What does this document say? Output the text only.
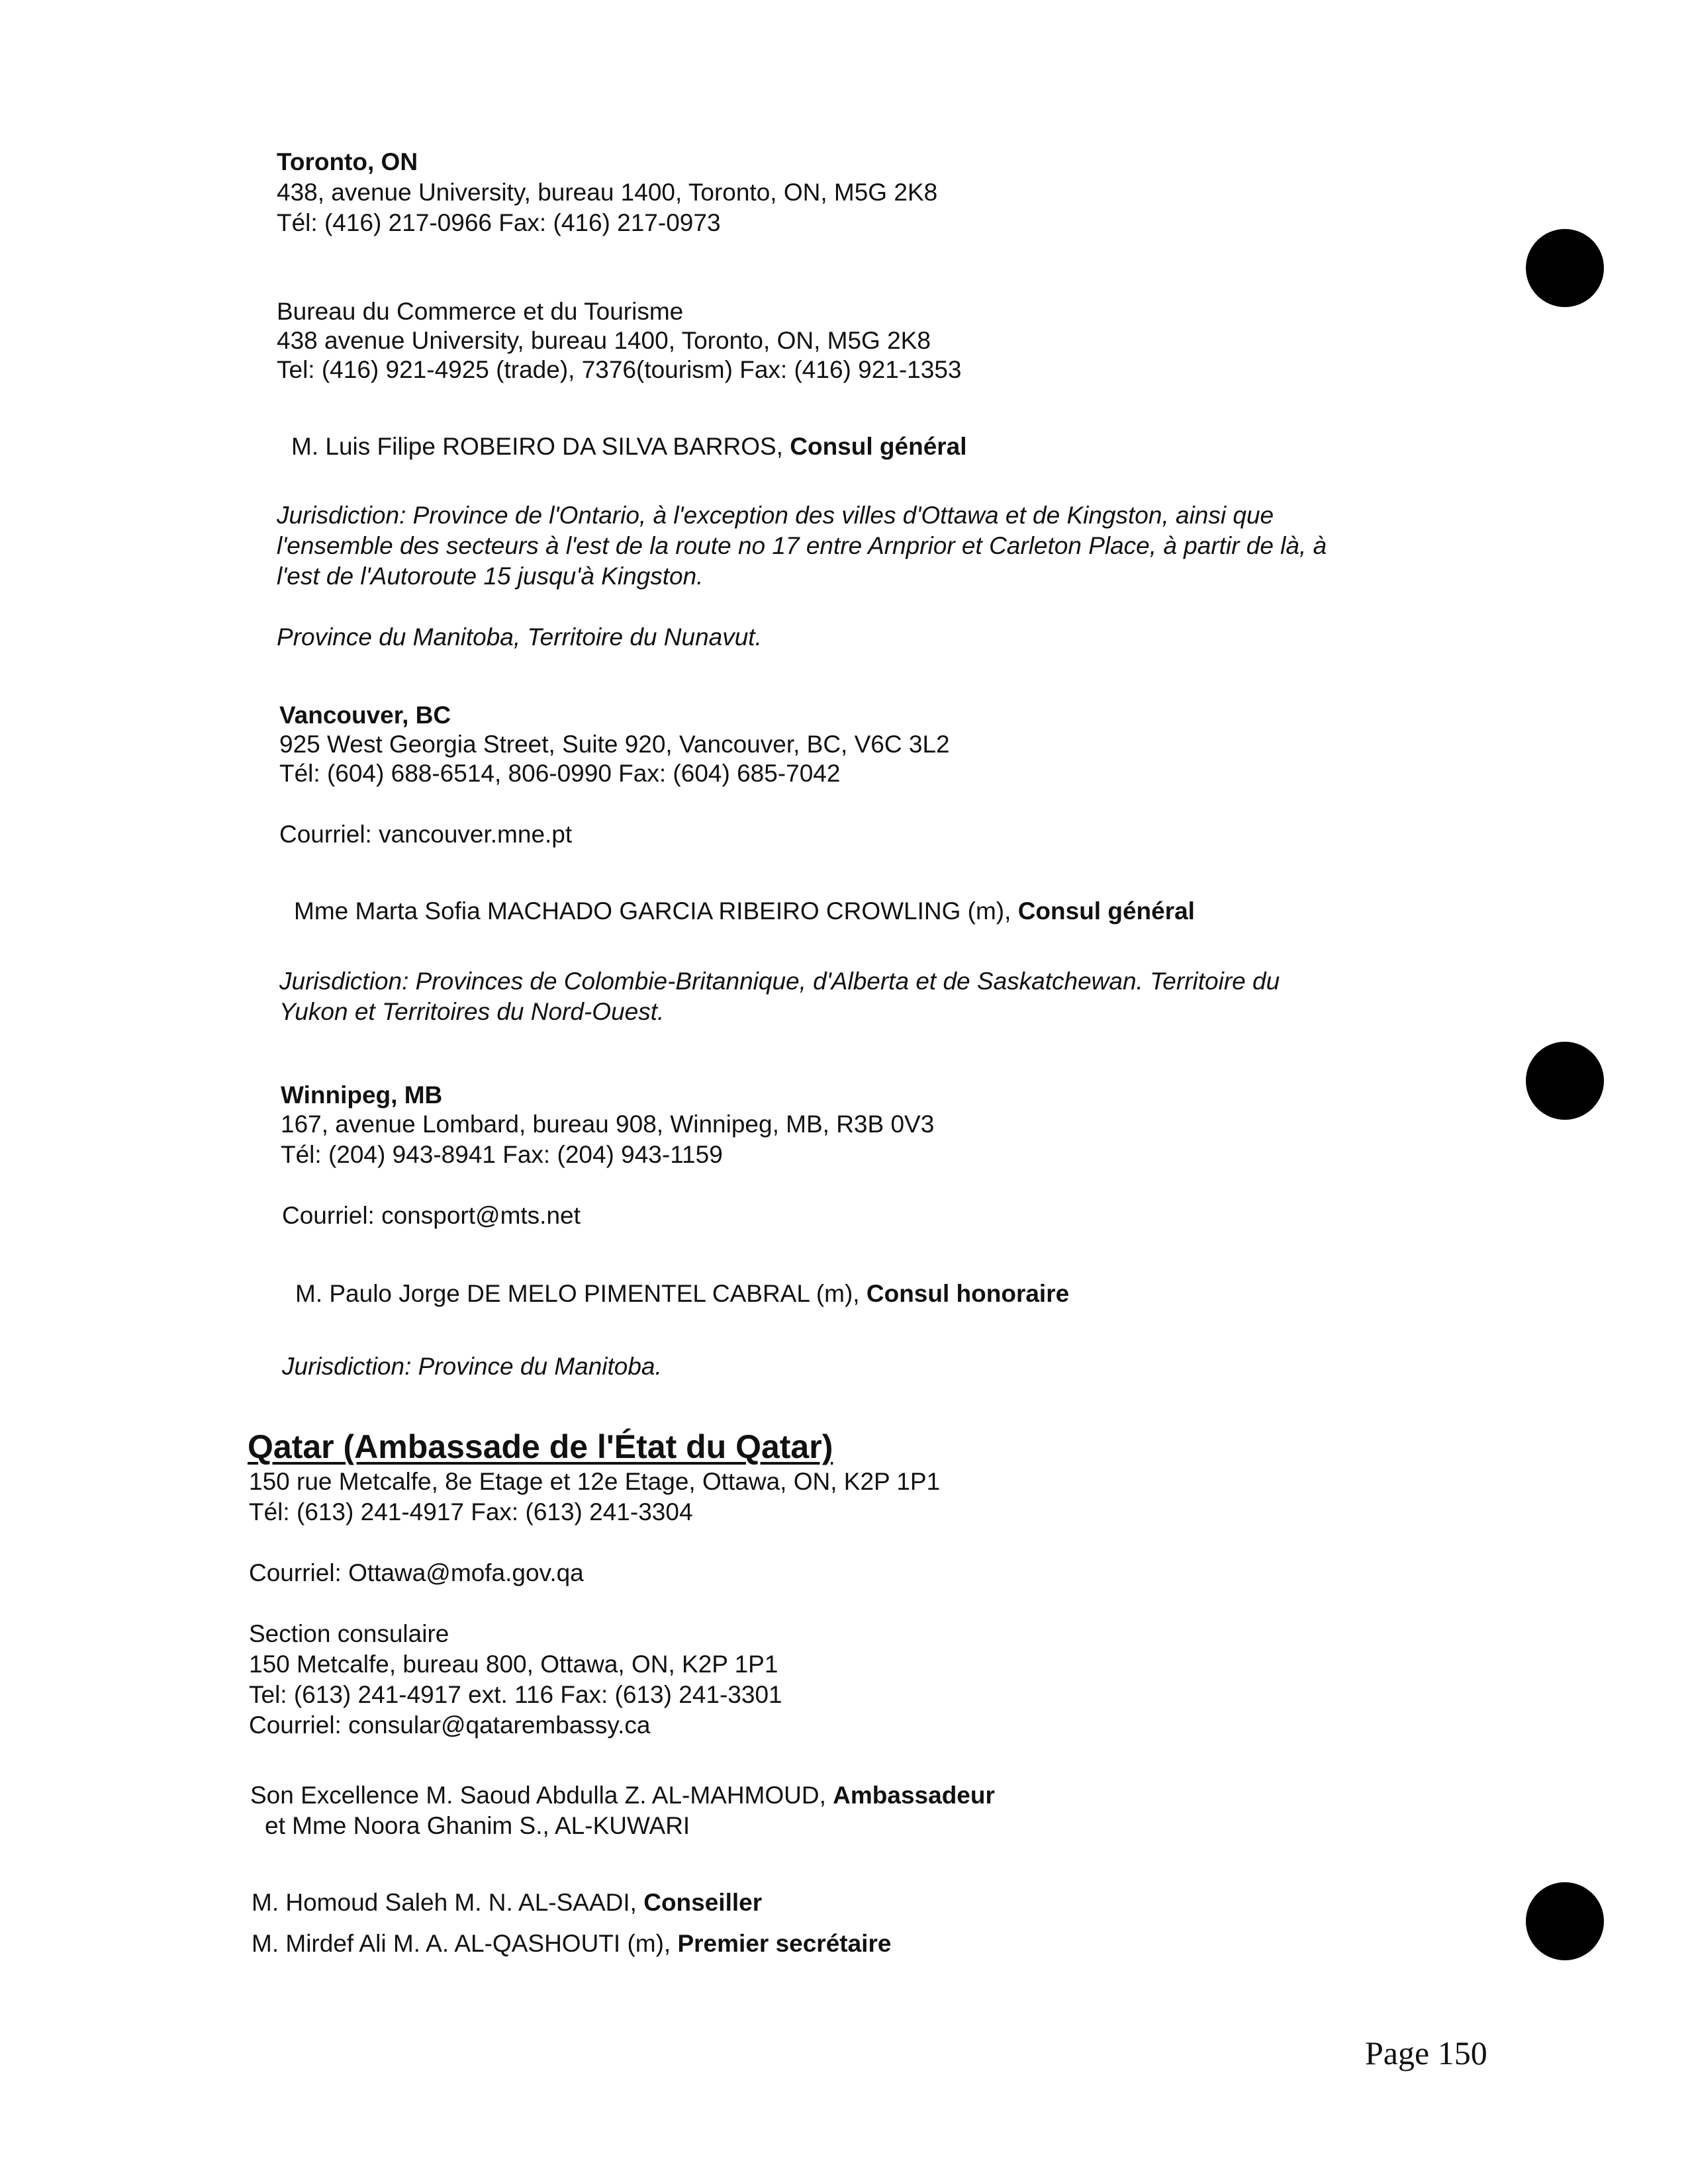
Toronto, ON
438, avenue University, bureau 1400, Toronto, ON, M5G 2K8
Tél: (416) 217-0966 Fax: (416) 217-0973
Bureau du Commerce et du Tourisme
438 avenue University, bureau 1400, Toronto, ON, M5G 2K8
Tel: (416) 921-4925 (trade), 7376(tourism) Fax: (416) 921-1353
M. Luis Filipe ROBEIRO DA SILVA BARROS, Consul général
Jurisdiction: Province de l'Ontario, à l'exception des villes d'Ottawa et de Kingston, ainsi que
l'ensemble des secteurs à l'est de la route no 17 entre Arnprior et Carleton Place, à partir de là, à
l'est de l'Autoroute 15 jusqu'à Kingston.
Province du Manitoba, Territoire du Nunavut.
Vancouver, BC
925 West Georgia Street, Suite 920, Vancouver, BC, V6C 3L2
Tél: (604) 688-6514, 806-0990 Fax: (604) 685-7042
Courriel: vancouver.mne.pt
Mme Marta Sofia MACHADO GARCIA RIBEIRO CROWLING (m), Consul général
Jurisdiction: Provinces de Colombie-Britannique, d'Alberta et de Saskatchewan. Territoire du
Yukon et Territoires du Nord-Ouest.
Winnipeg, MB
167, avenue Lombard, bureau 908, Winnipeg, MB, R3B 0V3
Tél: (204) 943-8941 Fax: (204) 943-1159
Courriel: consport@mts.net
M. Paulo Jorge DE MELO PIMENTEL CABRAL (m), Consul honoraire
Jurisdiction: Province du Manitoba.
Qatar (Ambassade de l'État du Qatar)
150 rue Metcalfe, 8e Etage et 12e Etage, Ottawa, ON, K2P 1P1
Tél: (613) 241-4917 Fax: (613) 241-3304
Courriel: Ottawa@mofa.gov.qa
Section consulaire
150 Metcalfe, bureau 800, Ottawa, ON, K2P 1P1
Tel: (613) 241-4917 ext. 116 Fax: (613) 241-3301
Courriel: consular@qatarembassy.ca
Son Excellence M. Saoud Abdulla Z. AL-MAHMOUD, Ambassadeur
et Mme Noora Ghanim S., AL-KUWARI
M. Homoud Saleh M. N. AL-SAADI, Conseiller
M. Mirdef Ali M. A. AL-QASHOUTI (m), Premier secrétaire
Page 150
